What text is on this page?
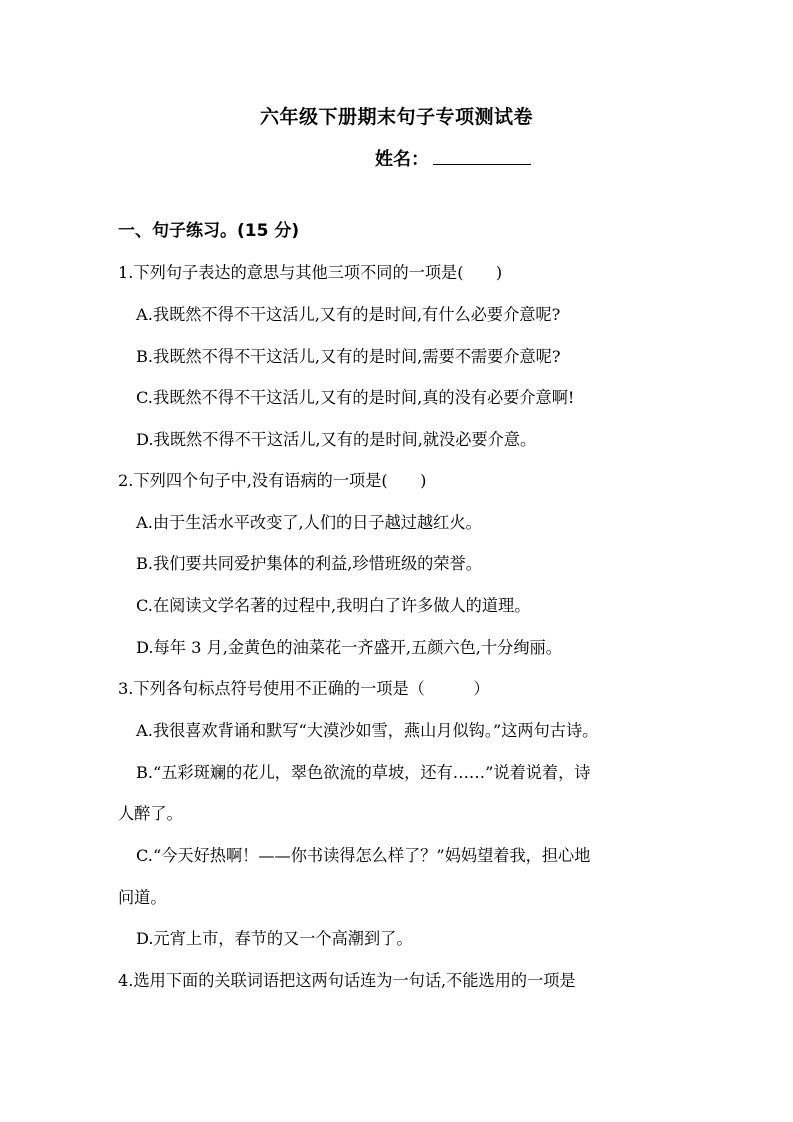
六年级下册期末句子专项测试卷
姓名：
一、句子练习。(15 分)
1.下列句子表达的意思与其他三项不同的一项是(　　)
A.我既然不得不干这活儿,又有的是时间,有什么必要介意呢?
B.我既然不得不干这活儿,又有的是时间,需要不需要介意呢?
C.我既然不得不干这活儿,又有的是时间,真的没有必要介意啊!
D.我既然不得不干这活儿,又有的是时间,就没必要介意。
2.下列四个句子中,没有语病的一项是(　　)
A.由于生活水平改变了,人们的日子越过越红火。
B.我们要共同爱护集体的利益,珍惜班级的荣誉。
C.在阅读文学名著的过程中,我明白了许多做人的道理。
D.每年 3 月,金黄色的油菜花一齐盛开,五颜六色,十分绚丽。
3.下列各句标点符号使用不正确的一项是（　　　）
A.我很喜欢背诵和默写“大漠沙如雪，燕山月似钩。”这两句古诗。
B.“五彩斑斓的花儿，翠色欲流的草坡，还有……”说着说着，诗
人醉了。
C.“今天好热啊！——你书读得怎么样了？”妈妈望着我，担心地
问道。
D.元宵上市，春节的又一个高潮到了。
4.选用下面的关联词语把这两句话连为一句话,不能选用的一项是
